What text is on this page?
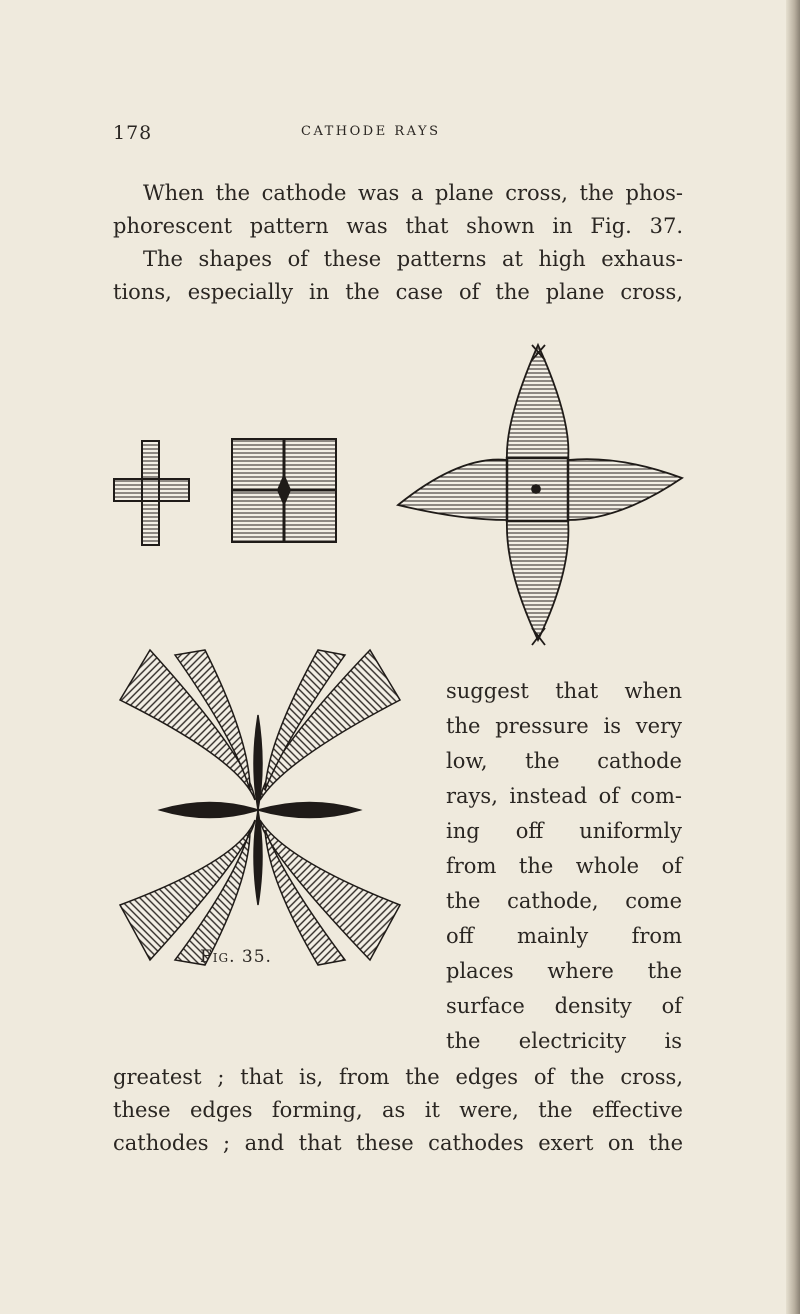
178	CATHODE RAYS

When the cathode was a plane cross, the phos-
phorescent pattern was that shown in Fig. 37.
The shapes of these patterns at high exhaus-
tions, especially in the case of the plane cross,

suggest that when
the pressure is very
low, the cathode
rays, instead of com-
ing off uniformly
from the whole of
the cathode, come
off mainly from
places where the
surface density of
the electricity is
Fig. 35.
greatest ; that is, from the edges of the cross,
these edges forming, as it were, the effective
cathodes ; and that these cathodes exert on the
